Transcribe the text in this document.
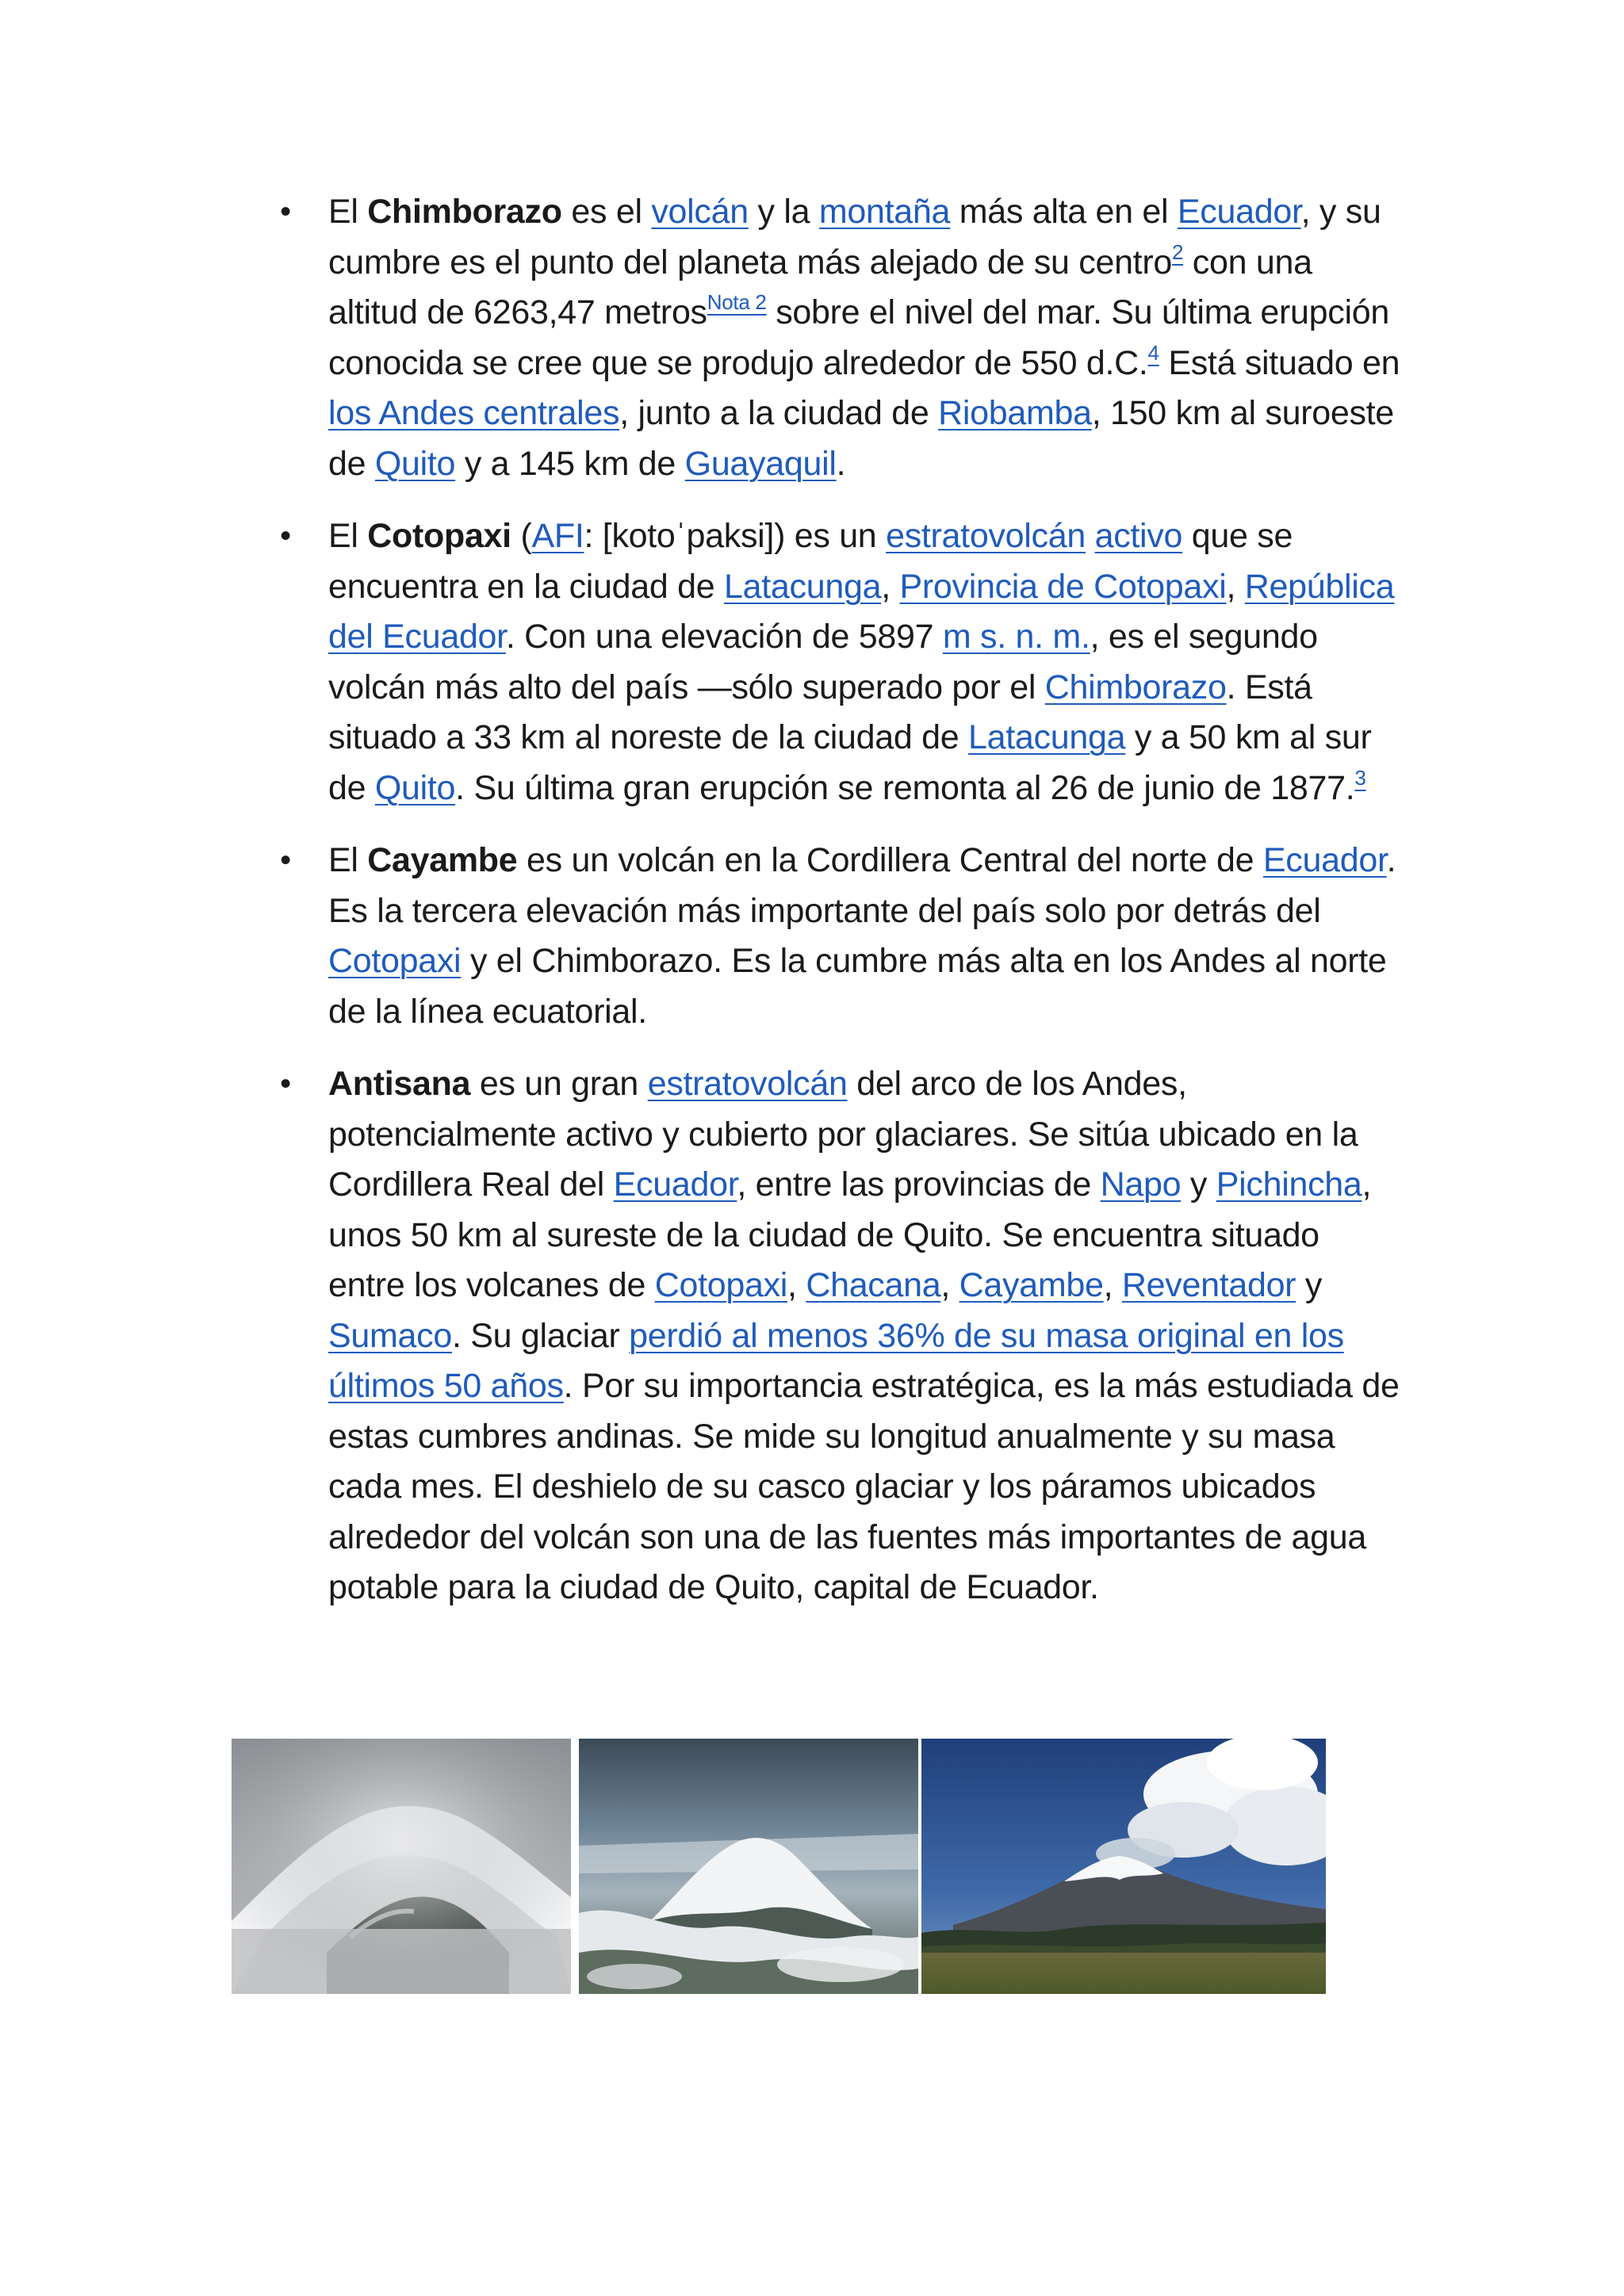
• El Chimborazo es el volcán y la montaña más alta en el Ecuador, y su cumbre es el punto del planeta más alejado de su centro$^2$ con una altitud de 6263,47 metros$^{Nota 2}$ sobre el nivel del mar. Su última erupción conocida se cree que se produjo alrededor de 550 d.C.$^4$ Está situado en los Andes centrales, junto a la ciudad de Riobamba, 150 km al suroeste de Quito y a 145 km de Guayaquil.
• El Cotopaxi (AFI: [kotoˈpaksi]) es un estratovolcán activo que se encuentra en la ciudad de Latacunga, Provincia de Cotopaxi, República del Ecuador. Con una elevación de 5897 m s. n. m., es el segundo volcán más alto del país —sólo superado por el Chimborazo. Está situado a 33 km al noreste de la ciudad de Latacunga y a 50 km al sur de Quito. Su última gran erupción se remonta al 26 de junio de 1877.$^3$
• El Cayambe es un volcán en la Cordillera Central del norte de Ecuador. Es la tercera elevación más importante del país solo por detrás del Cotopaxi y el Chimborazo. Es la cumbre más alta en los Andes al norte de la línea ecuatorial.
• Antisana es un gran estratovolcán del arco de los Andes, potencialmente activo y cubierto por glaciares. Se sitúa ubicado en la Cordillera Real del Ecuador, entre las provincias de Napo y Pichincha, unos 50 km al sureste de la ciudad de Quito. Se encuentra situado entre los volcanes de Cotopaxi, Chacana, Cayambe, Reventador y Sumaco. Su glaciar perdió al menos 36% de su masa original en los últimos 50 años. Por su importancia estratégica, es la más estudiada de estas cumbres andinas. Se mide su longitud anualmente y su masa cada mes. El deshielo de su casco glaciar y los páramos ubicados alrededor del volcán son una de las fuentes más importantes de agua potable para la ciudad de Quito, capital de Ecuador.
